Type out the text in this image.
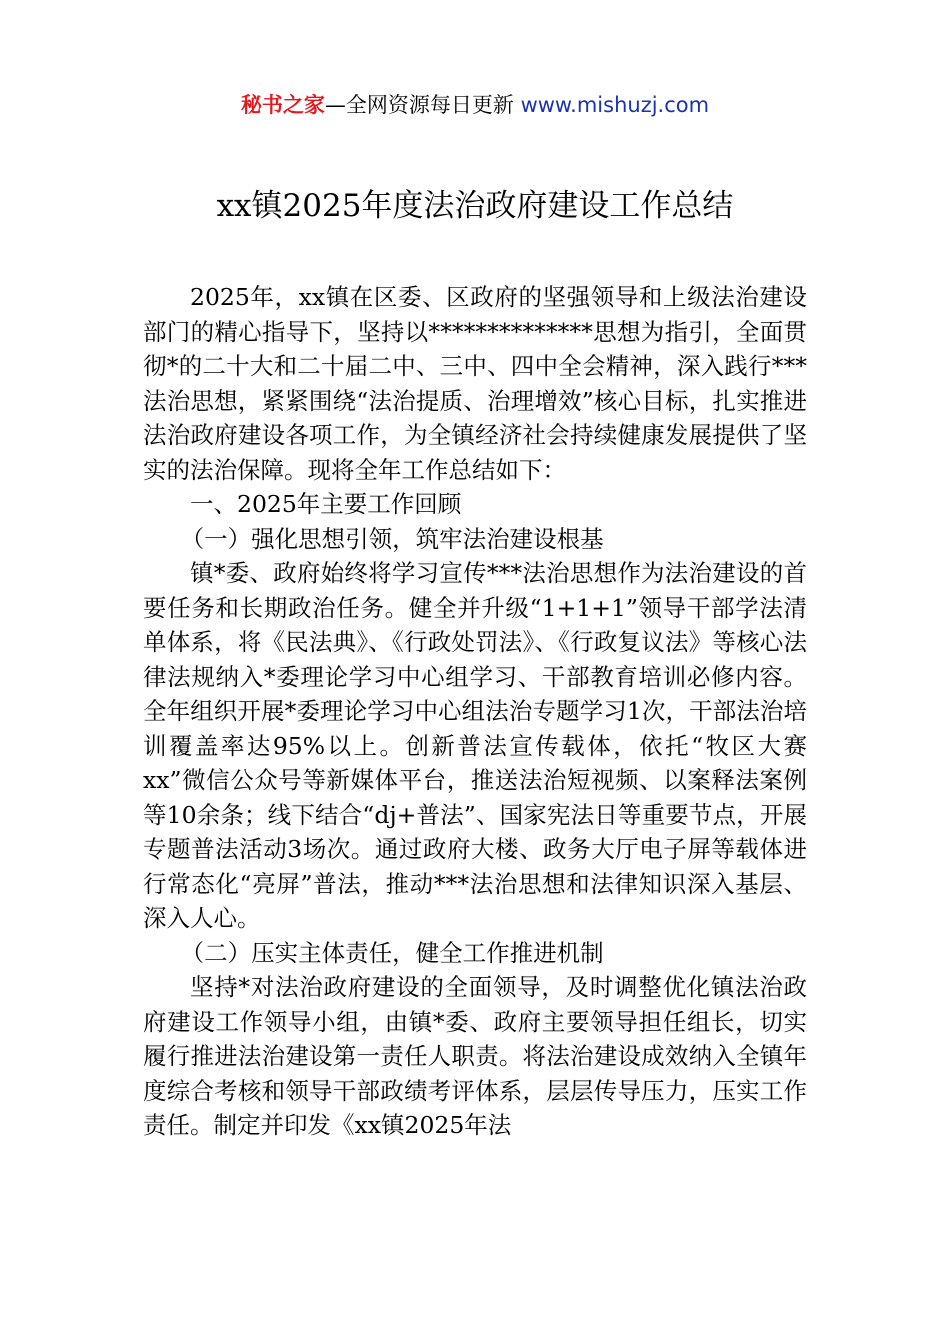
秘书之家—全网资源每日更新 www.mishuzj.com
xx镇2025年度法治政府建设工作总结

2025年，xx镇在区委、区政府的坚强领导和上级法治建设部门的精心指导下，坚持以**************思想为指引，全面贯彻*的二十大和二十届二中、三中、四中全会精神，深入践行***法治思想，紧紧围绕“法治提质、治理增效”核心目标，扎实推进法治政府建设各项工作，为全镇经济社会持续健康发展提供了坚实的法治保障。现将全年工作总结如下：

一、2025年主要工作回顾

（一）强化思想引领，筑牢法治建设根基

镇*委、政府始终将学习宣传***法治思想作为法治建设的首要任务和长期政治任务。健全并升级“1+1+1”领导干部学法清单体系，将《民法典》、《行政处罚法》、《行政复议法》等核心法律法规纳入*委理论学习中心组学习、干部教育培训必修内容。全年组织开展*委理论学习中心组法治专题学习1次，干部法治培训覆盖率达95%以上。创新普法宣传载体，依托“牧区大赛xx”微信公众号等新媒体平台，推送法治短视频、以案释法案例等10余条；线下结合“dj+普法”、国家宪法日等重要节点，开展专题普法活动3场次。通过政府大楼、政务大厅电子屏等载体进行常态化“亮屏”普法，推动***法治思想和法律知识深入基层、深入人心。

（二）压实主体责任，健全工作推进机制

坚持*对法治政府建设的全面领导，及时调整优化镇法治政府建设工作领导小组，由镇*委、政府主要领导担任组长，切实履行推进法治建设第一责任人职责。将法治建设成效纳入全镇年度综合考核和领导干部政绩考评体系，层层传导压力，压实工作责任。制定并印发《xx镇2025年法
